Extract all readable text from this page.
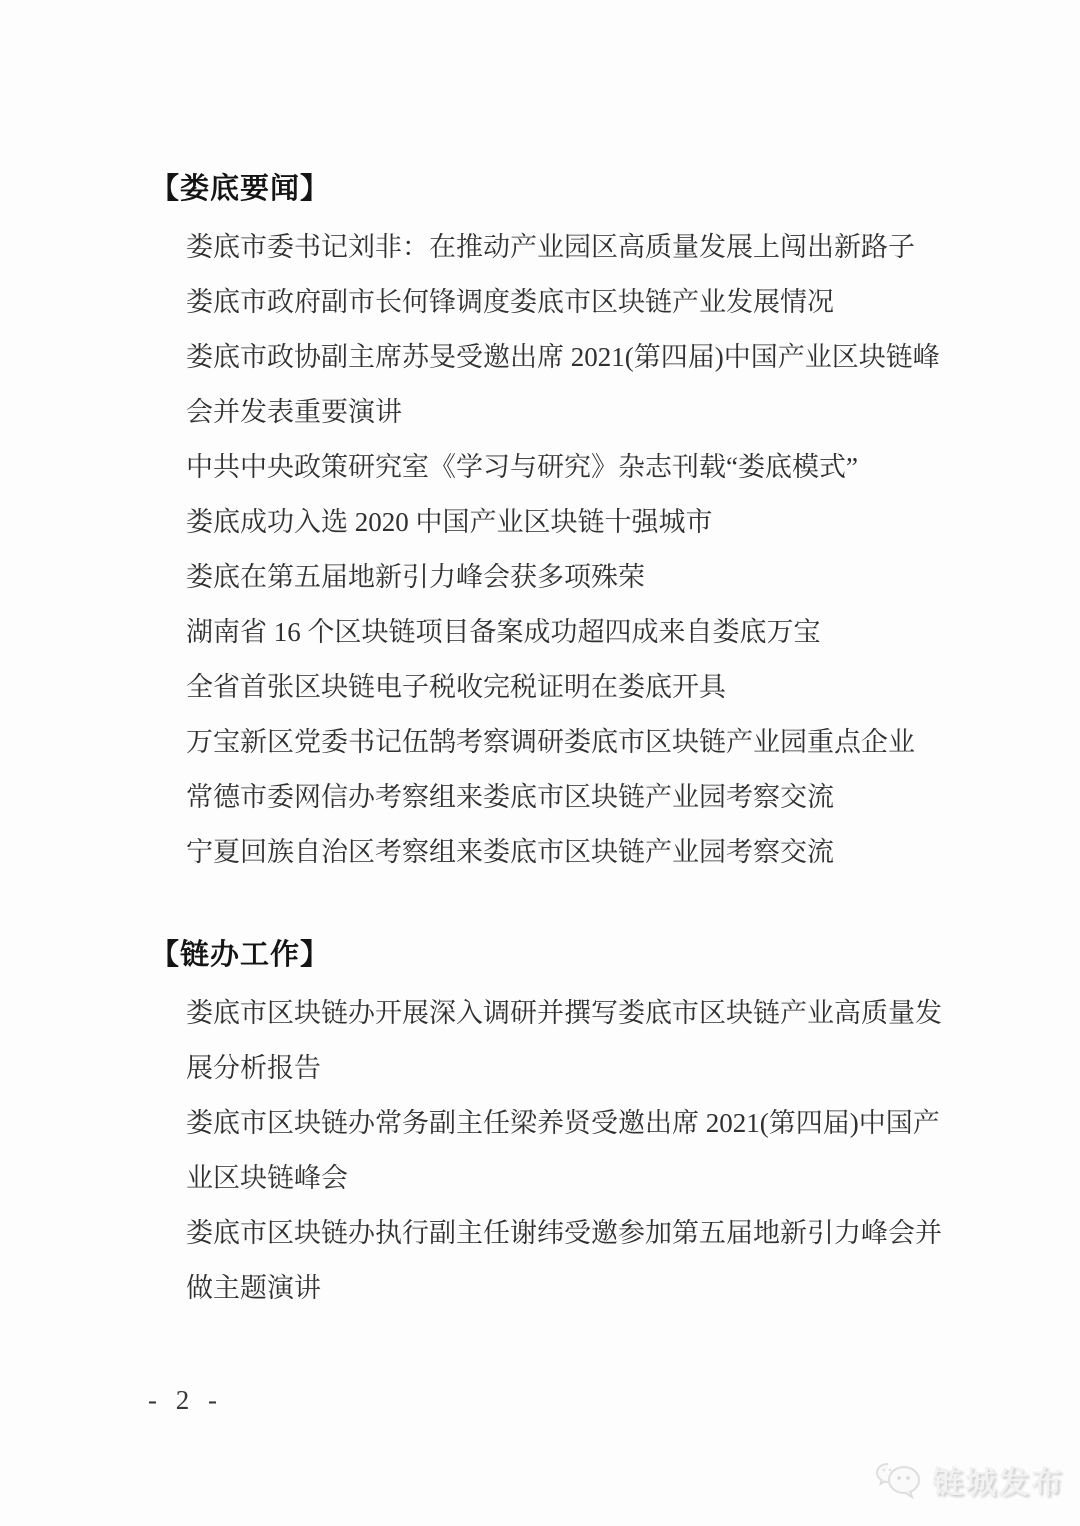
【娄底要闻】
娄底市委书记刘非：在推动产业园区高质量发展上闯出新路子
娄底市政府副市长何锋调度娄底市区块链产业发展情况
娄底市政协副主席苏旻受邀出席 2021(第四届)中国产业区块链峰会并发表重要演讲
中共中央政策研究室《学习与研究》杂志刊载“娄底模式”
娄底成功入选 2020 中国产业区块链十强城市
娄底在第五届地新引力峰会获多项殊荣
湖南省 16 个区块链项目备案成功超四成来自娄底万宝
全省首张区块链电子税收完税证明在娄底开具
万宝新区党委书记伍鹄考察调研娄底市区块链产业园重点企业
常德市委网信办考察组来娄底市区块链产业园考察交流
宁夏回族自治区考察组来娄底市区块链产业园考察交流
【链办工作】
娄底市区块链办开展深入调研并撰写娄底市区块链产业高质量发展分析报告
娄底市区块链办常务副主任梁养贤受邀出席 2021(第四届)中国产业区块链峰会
娄底市区块链办执行副主任谢纬受邀参加第五届地新引力峰会并做主题演讲
- 2 -
链城发布
